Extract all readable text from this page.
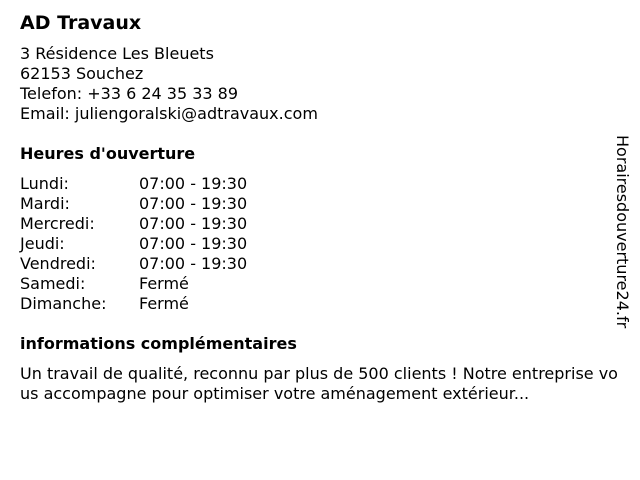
AD Travaux
3 Résidence Les Bleuets
62153 Souchez
Telefon: +33 6 24 35 33 89
Email: juliengoralski@adtravaux.com
Heures d'ouverture
Lundi:	07:00 - 19:30
Mardi:	07:00 - 19:30
Mercredi:	07:00 - 19:30
Jeudi:	07:00 - 19:30
Vendredi:	07:00 - 19:30
Samedi:	Fermé
Dimanche:	Fermé
informations complémentaires
Un travail de qualité, reconnu par plus de 500 clients ! Notre entreprise vous accompagne pour optimiser votre aménagement extérieur...
Horairesdouverture24.fr
